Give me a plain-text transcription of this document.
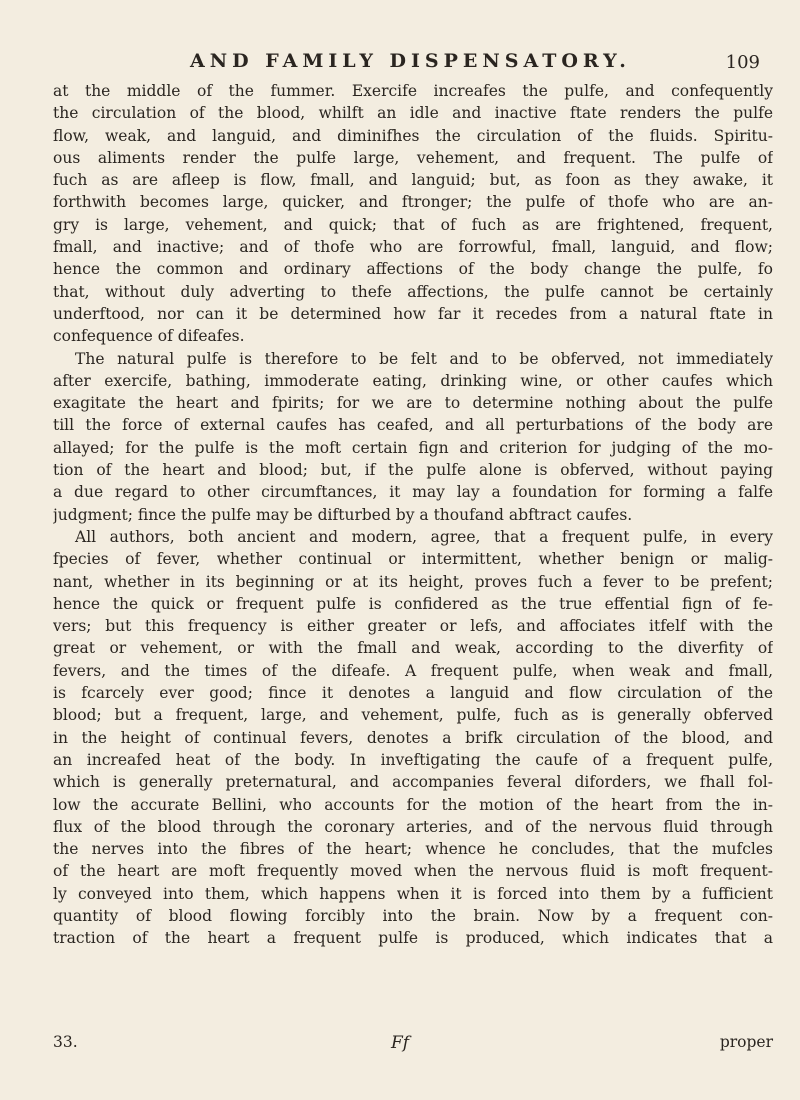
AND FAMILY DISPENSATORY.	109
at the middle of the fummer. Exercife increafes the pulfe, and confequently
the circulation of the blood, whilft an idle and inactive ftate renders the pulfe
flow, weak, and languid, and diminifhes the circulation of the fluids. Spiritu-
ous aliments render the pulfe large, vehement, and frequent. The pulfe of
fuch as are afleep is flow, fmall, and languid; but, as foon as they awake, it
forthwith becomes large, quicker, and ftronger; the pulfe of thofe who are an-
gry is large, vehement, and quick; that of fuch as are frightened, frequent,
fmall, and inactive; and of thofe who are forrowful, fmall, languid, and flow;
hence the common and ordinary affections of the body change the pulfe, fo
that, without duly adverting to thefe affections, the pulfe cannot be certainly
underftood, nor can it be determined how far it recedes from a natural ftate in
confequence of difeafes.
The natural pulfe is therefore to be felt and to be obferved, not immediately
after exercife, bathing, immoderate eating, drinking wine, or other caufes which
exagitate the heart and fpirits; for we are to determine nothing about the pulfe
till the force of external caufes has ceafed, and all perturbations of the body are
allayed; for the pulfe is the moft certain fign and criterion for judging of the mo-
tion of the heart and blood; but, if the pulfe alone is obferved, without paying
a due regard to other circumftances, it may lay a foundation for forming a falfe
judgment; fince the pulfe may be difturbed by a thoufand abftract caufes.
All authors, both ancient and modern, agree, that a frequent pulfe, in every
fpecies of fever, whether continual or intermittent, whether benign or malig-
nant, whether in its beginning or at its height, proves fuch a fever to be prefent;
hence the quick or frequent pulfe is confidered as the true effential fign of fe-
vers; but this frequency is either greater or lefs, and affociates itfelf with the
great or vehement, or with the fmall and weak, according to the diverfity of
fevers, and the times of the difeafe. A frequent pulfe, when weak and fmall,
is fcarcely ever good; fince it denotes a languid and flow circulation of the
blood; but a frequent, large, and vehement, pulfe, fuch as is generally obferved
in the height of continual fevers, denotes a brifk circulation of the blood, and
an increafed heat of the body. In inveftigating the caufe of a frequent pulfe,
which is generally preternatural, and accompanies feveral diforders, we fhall fol-
low the accurate Bellini, who accounts for the motion of the heart from the in-
flux of the blood through the coronary arteries, and of the nervous fluid through
the nerves into the fibres of the heart; whence he concludes, that the mufcles
of the heart are moft frequently moved when the nervous fluid is moft frequent-
ly conveyed into them, which happens when it is forced into them by a fufficient
quantity of blood flowing forcibly into the brain. Now by a frequent con-
traction of the heart a frequent pulfe is produced, which indicates that a
33.	Ff	proper
